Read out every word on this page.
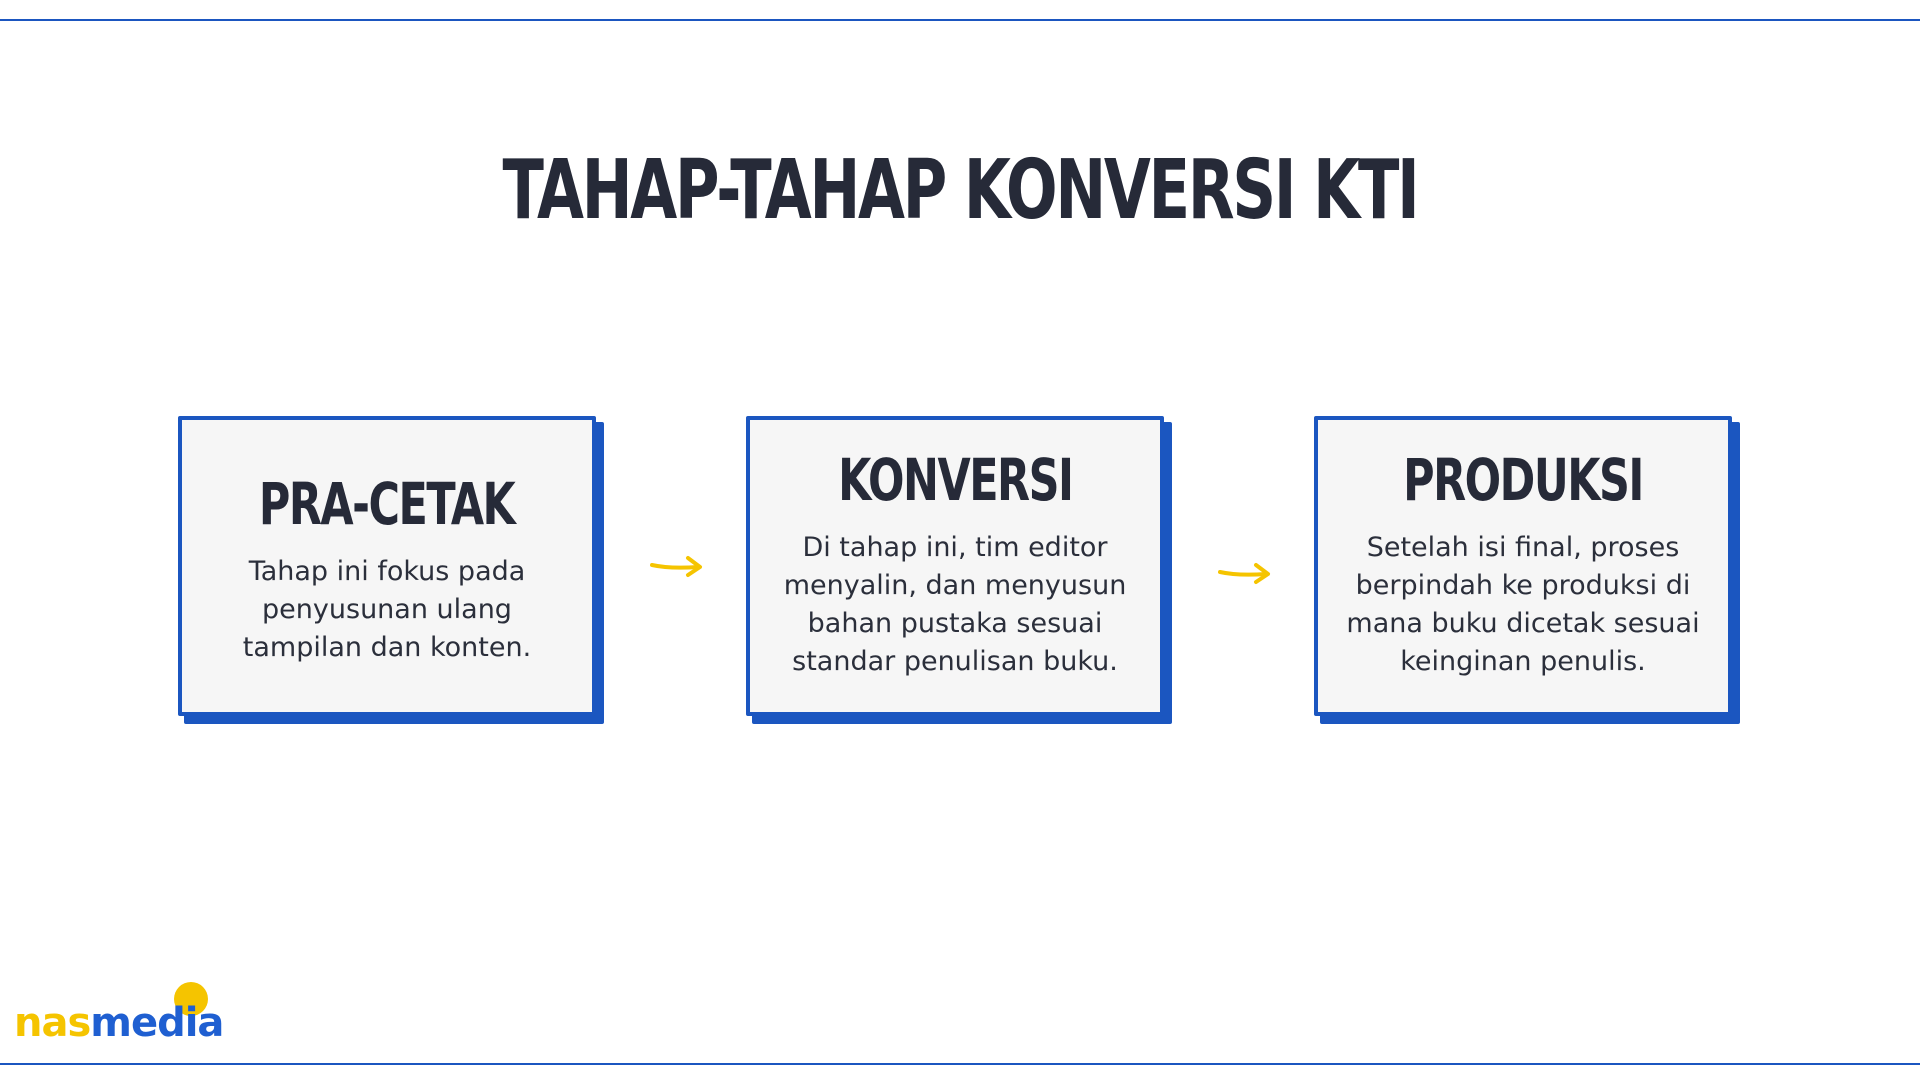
TAHAP-TAHAP KONVERSI KTI
PRA-CETAK
Tahap ini fokus pada
penyusunan ulang
tampilan dan konten.
KONVERSI
Di tahap ini, tim editor
menyalin, dan menyusun
bahan pustaka sesuai
standar penulisan buku.
PRODUKSI
Setelah isi final, proses
berpindah ke produksi di
mana buku dicetak sesuai
keinginan penulis.
nasmedia
